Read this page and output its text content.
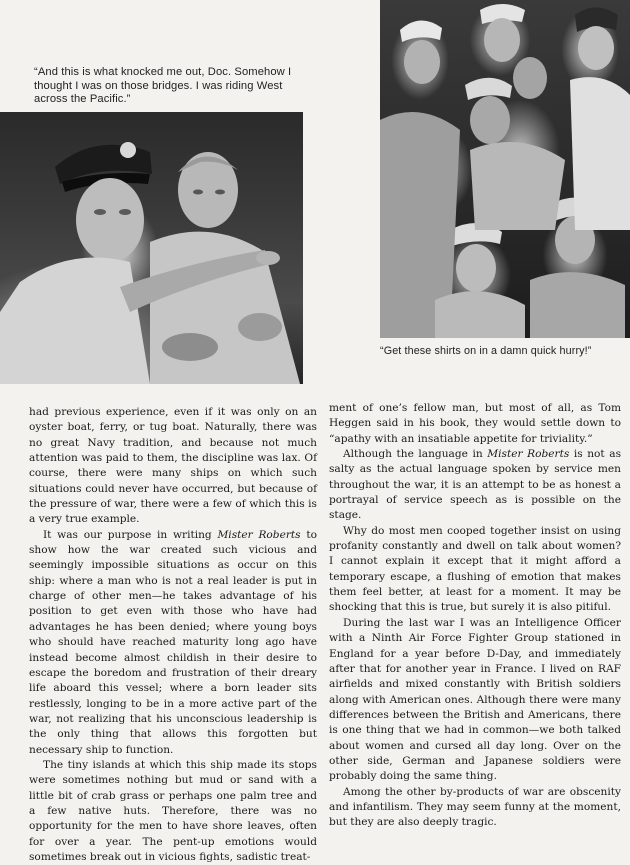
“And this is what knocked me out, Doc. Somehow I thought I was on those bridges. I was riding West across the Pacific.”

“Get these shirts on in a damn quick hurry!”

had previous experience, even if it was only on an oyster boat, ferry, or tug boat. Naturally, there was no great Navy tradition, and because not much attention was paid to them, the discipline was lax. Of course, there were many ships on which such situations could never have occurred, but because of the pressure of war, there were a few of which this is a very true example.

It was our purpose in writing Mister Roberts to show how the war created such vicious and seemingly impossible situations as occur on this ship: where a man who is not a real leader is put in charge of other men—he takes advantage of his position to get even with those who have had advantages he has been denied; where young boys who should have reached maturity long ago have instead become almost childish in their desire to escape the boredom and frustration of their dreary life aboard this vessel; where a born leader sits restlessly, longing to be in a more active part of the war, not realizing that his unconscious leadership is the only thing that allows this forgotten but necessary ship to function.

The tiny islands at which this ship made its stops were sometimes nothing but mud or sand with a little bit of crab grass or perhaps one palm tree and a few native huts. Therefore, there was no opportunity for the men to have shore leaves, often for over a year. The pent-up emotions would sometimes break out in vicious fights, sadistic treat-

ment of one’s fellow man, but most of all, as Tom Heggen said in his book, they would settle down to “apathy with an insatiable appetite for triviality.”

Although the language in Mister Roberts is not as salty as the actual language spoken by service men throughout the war, it is an attempt to be as honest a portrayal of service speech as is possible on the stage.

Why do most men cooped together insist on using profanity constantly and dwell on talk about women? I cannot explain it except that it might afford a temporary escape, a flushing of emotion that makes them feel better, at least for a moment. It may be shocking that this is true, but surely it is also pitiful.

During the last war I was an Intelligence Officer with a Ninth Air Force Fighter Group stationed in England for a year before D-Day, and immediately after that for another year in France. I lived on RAF airfields and mixed constantly with British soldiers along with American ones. Although there were many differences between the British and Americans, there is one thing that we had in common—we both talked about women and cursed all day long. Over on the other side, German and Japanese soldiers were probably doing the same thing.

Among the other by-products of war are obscenity and infantilism. They may seem funny at the moment, but they are also deeply tragic.
